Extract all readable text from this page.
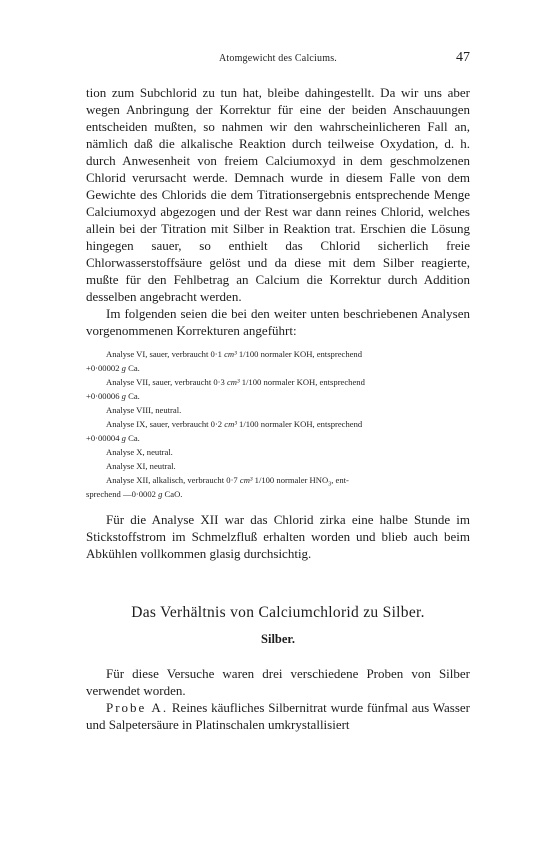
Atomgewicht des Calciums.	47

tion zum Subchlorid zu tun hat, bleibe dahingestellt. Da wir uns aber wegen Anbringung der Korrektur für eine der beiden Anschauungen entscheiden mußten, so nahmen wir den wahrscheinlicheren Fall an, nämlich daß die alkalische Reaktion durch teilweise Oxydation, d. h. durch Anwesenheit von freiem Calciumoxyd in dem geschmolzenen Chlorid verursacht werde. Demnach wurde in diesem Falle von dem Gewichte des Chlorids die dem Titrationsergebnis entsprechende Menge Calciumoxyd abgezogen und der Rest war dann reines Chlorid, welches allein bei der Titration mit Silber in Reaktion trat. Erschien die Lösung hingegen sauer, so enthielt das Chlorid sicherlich freie Chlorwasserstoffsäure gelöst und da diese mit dem Silber reagierte, mußte für den Fehlbetrag an Calcium die Korrektur durch Addition desselben angebracht werden.

Im folgenden seien die bei den weiter unten beschriebenen Analysen vorgenommenen Korrekturen angeführt:

Analyse VI, sauer, verbraucht 0·1 cm³ 1/100 normaler KOH, entsprechend
+0·00002 g Ca.
Analyse VII, sauer, verbraucht 0·3 cm³ 1/100 normaler KOH, entsprechend
+0·00006 g Ca.
Analyse VIII, neutral.
Analyse IX, sauer, verbraucht 0·2 cm³ 1/100 normaler KOH, entsprechend
+0·00004 g Ca.
Analyse X, neutral.
Analyse XI, neutral.
Analyse XII, alkalisch, verbraucht 0·7 cm³ 1/100 normaler $HNO_3$, ent-
sprechend —0·0002 g CaO.

Für die Analyse XII war das Chlorid zirka eine halbe Stunde im Stickstoffstrom im Schmelzfluß erhalten worden und blieb auch beim Abkühlen vollkommen glasig durchsichtig.

Das Verhältnis von Calciumchlorid zu Silber.
Silber.

Für diese Versuche waren drei verschiedene Proben von Silber verwendet worden.

Probe A. Reines käufliches Silbernitrat wurde fünfmal aus Wasser und Salpetersäure in Platinschalen umkrystallisiert
